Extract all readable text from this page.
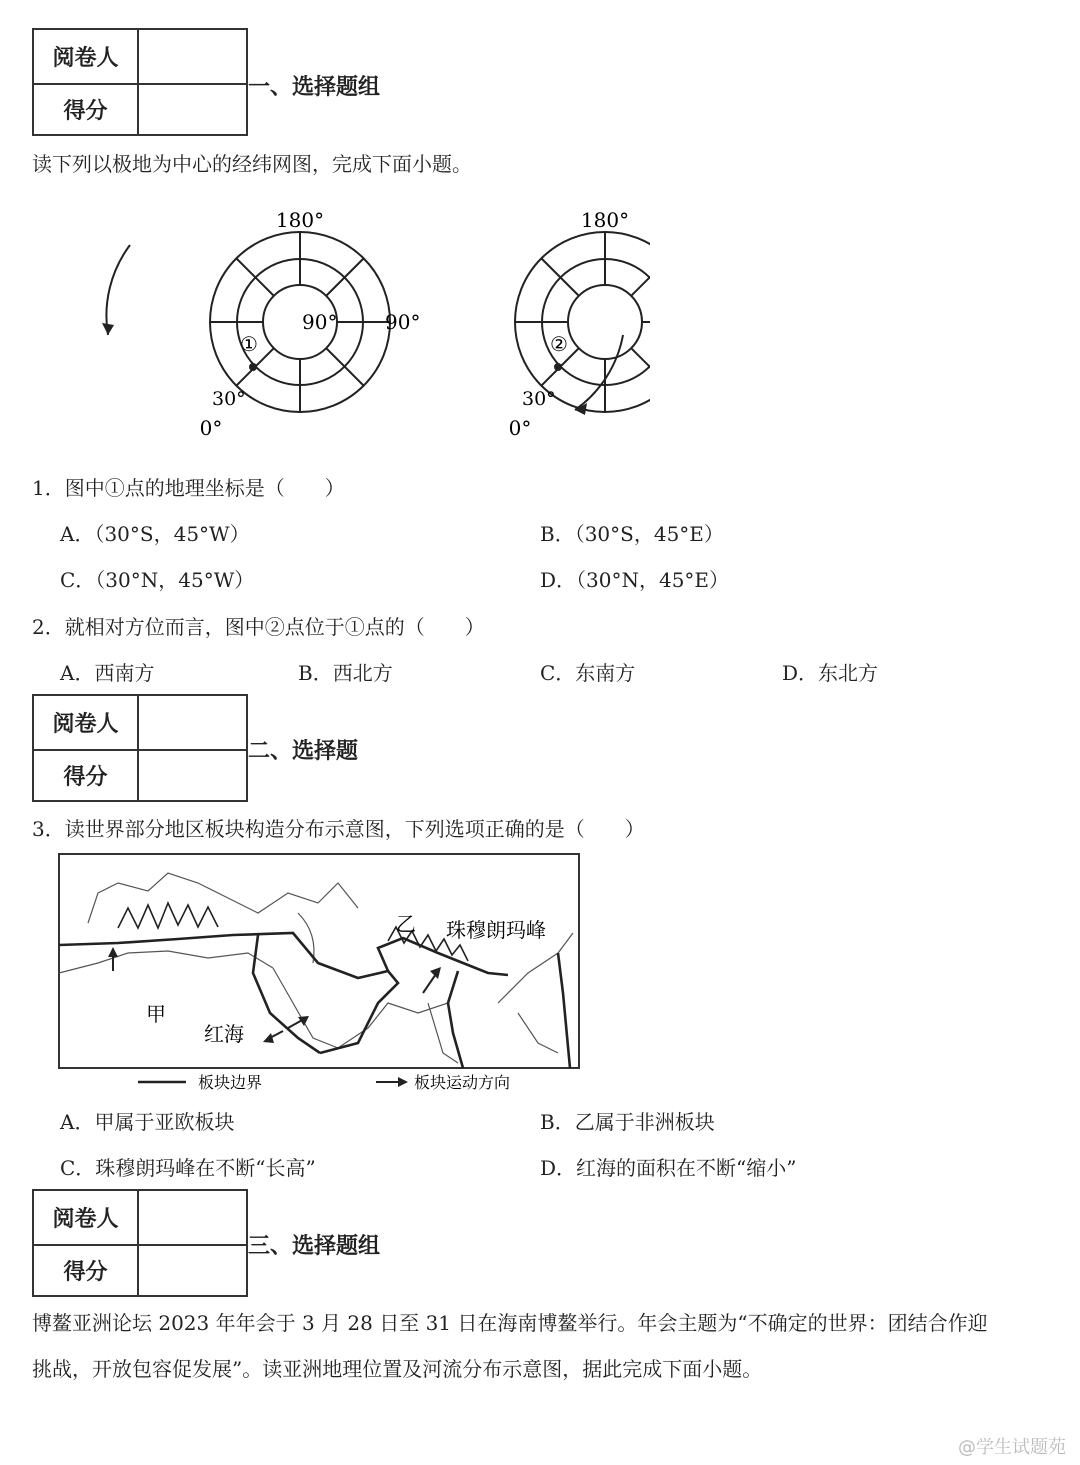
阅卷人
得分
一、选择题组
读下列以极地为中心的经纬网图，完成下面小题。
180°
90°
0°
30°
①
180°
90°
0°
30°
②
1．图中①点的地理坐标是（　　）
A．（30°S，45°W）	B．（30°S，45°E）
C．（30°N，45°W）	D．（30°N，45°E）
2．就相对方位而言，图中②点位于①点的（　　）
A．西南方	B．西北方	C．东南方	D．东北方
阅卷人
得分
二、选择题
3．读世界部分地区板块构造分布示意图，下列选项正确的是（　　）
甲
乙
红海
珠穆朗玛峰
板块边界	板块运动方向
A．甲属于亚欧板块	B．乙属于非洲板块
C．珠穆朗玛峰在不断“长高”	D．红海的面积在不断“缩小”
阅卷人
得分
三、选择题组
博鳌亚洲论坛 2023 年年会于 3 月 28 日至 31 日在海南博鳌举行。年会主题为“不确定的世界：团结合作迎
挑战，开放包容促发展”。读亚洲地理位置及河流分布示意图，据此完成下面小题。
@学生试题苑
